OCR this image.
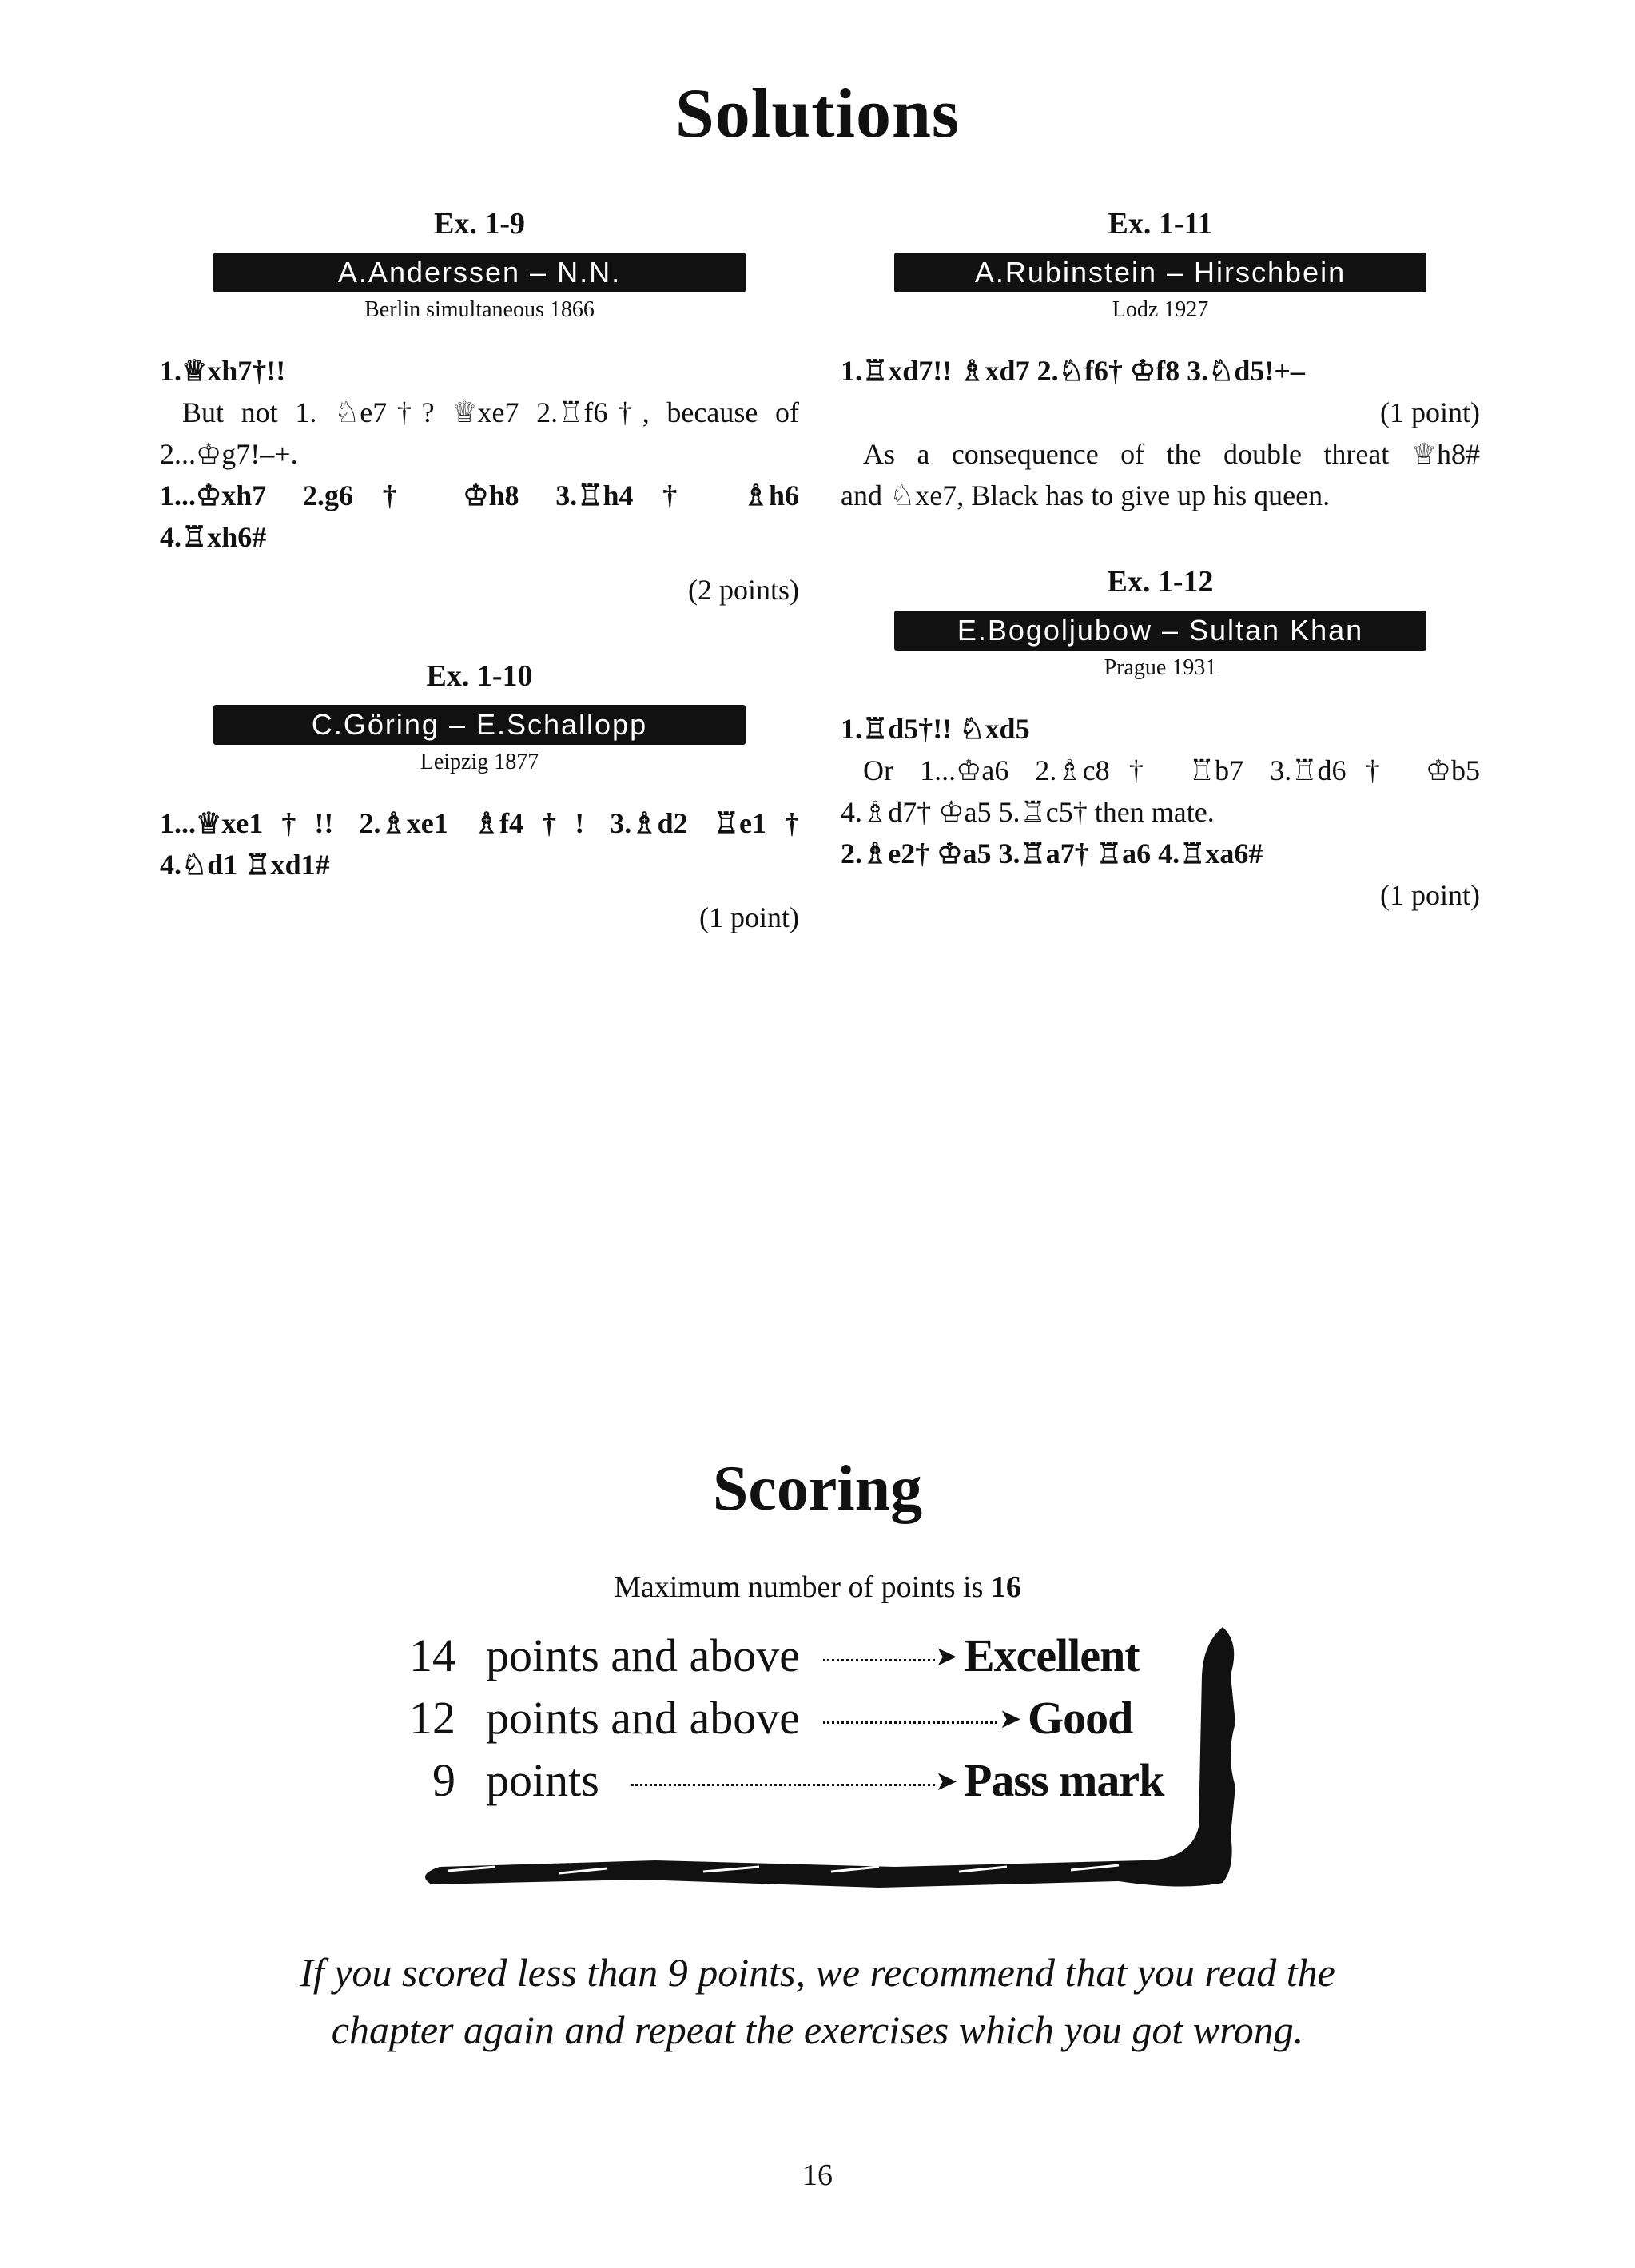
Solutions
Ex. 1-9
A.Anderssen – N.N.
Berlin simultaneous 1866
1.♕xh7†!!
But not 1. ♘e7†? ♕xe7 2.♖f6†, because of
2...♔g7!–+.
1...♔xh7 2.g6† ♔h8 3.♖h4† ♗h6
4.♖xh6#
(2 points)
Ex. 1-10
C.Göring – E.Schallopp
Leipzig 1877
1...♕xe1†!! 2.♗xe1 ♗f4†! 3.♗d2 ♖e1†
4.♘d1 ♖xd1#
(1 point)
Ex. 1-11
A.Rubinstein – Hirschbein
Lodz 1927
1.♖xd7!! ♗xd7 2.♘f6† ♔f8 3.♘d5!+–
(1 point)
As a consequence of the double threat ♕h8#
and ♘xe7, Black has to give up his queen.
Ex. 1-12
E.Bogoljubow – Sultan Khan
Prague 1931
1.♖d5†!! ♘xd5
Or 1...♔a6 2.♗c8† ♖b7 3.♖d6† ♔b5
4.♗d7† ♔a5 5.♖c5† then mate.
2.♗e2† ♔a5 3.♖a7† ♖a6 4.♖xa6#
(1 point)
Scoring
Maximum number of points is 16
14 points and above	➤ Excellent
12 points and above	➤ Good
9 points	➤ Pass mark
If you scored less than 9 points, we recommend that you read the
chapter again and repeat the exercises which you got wrong.
16
